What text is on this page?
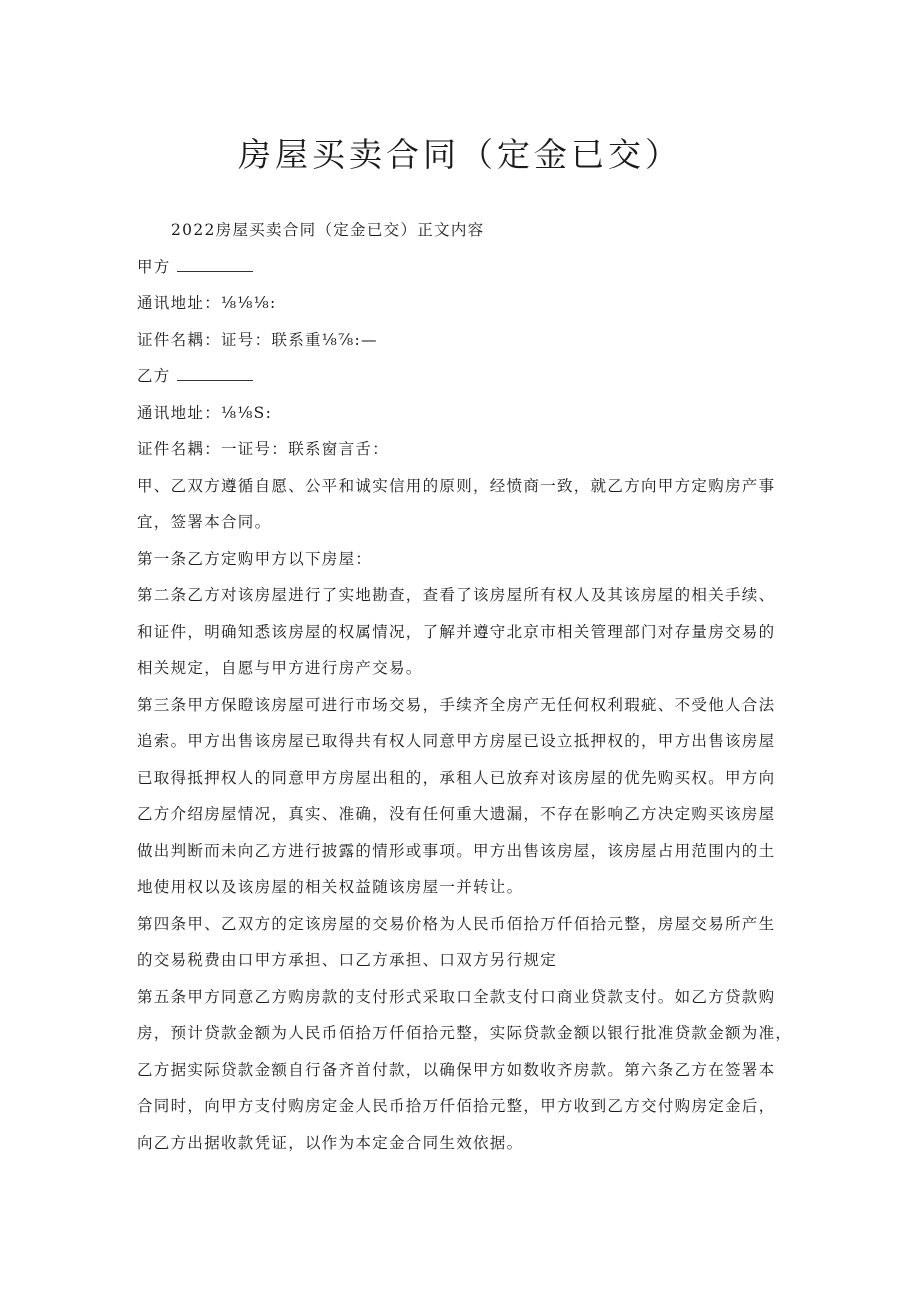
房屋买卖合同（定金已交）

2022房屋买卖合同（定金已交）正文内容

甲方

通讯地址：⅛⅛⅛:

证件名耦：证号：联系重⅛⅞:—

乙方

通讯地址：⅛⅛S:

证件名耦：一证号：联系窗言舌：

甲、乙双方遵循自愿、公平和诚实信用的原则，经愤商一致，就乙方向甲方定购房产事

宜，签署本合同。

第一条乙方定购甲方以下房屋：

第二条乙方对该房屋进行了实地勘查，查看了该房屋所有权人及其该房屋的相关手续、

和证件，明确知悉该房屋的权属情况，了解并遵守北京市相关管理部门对存量房交易的

相关规定，自愿与甲方进行房产交易。

第三条甲方保瞪该房屋可进行市场交易，手续齐全房产无任何权利瑕疵、不受他人合法

追索。甲方出售该房屋已取得共有权人同意甲方房屋已设立抵押权的，甲方出售该房屋

已取得抵押权人的同意甲方房屋出租的，承租人已放弃对该房屋的优先购买权。甲方向

乙方介绍房屋情况，真实、准确，没有任何重大遗漏，不存在影响乙方决定购买该房屋

做出判断而未向乙方进行披露的情形或事项。甲方出售该房屋，该房屋占用范围内的土

地使用权以及该房屋的相关权益随该房屋一并转让。

第四条甲、乙双方的定该房屋的交易价格为人民币佰拾万仟佰拾元整，房屋交易所产生

的交易税费由口甲方承担、口乙方承担、口双方另行规定

第五条甲方同意乙方购房款的支付形式采取口全款支付口商业贷款支付。如乙方贷款购

房，预计贷款金额为人民币佰拾万仟佰拾元整，实际贷款金额以银行批准贷款金额为准，

乙方据实际贷款金额自行备齐首付款，以确保甲方如数收齐房款。第六条乙方在签署本

合同时，向甲方支付购房定金人民币拾万仟佰拾元整，甲方收到乙方交付购房定金后，

向乙方出据收款凭证，以作为本定金合同生效依据。
